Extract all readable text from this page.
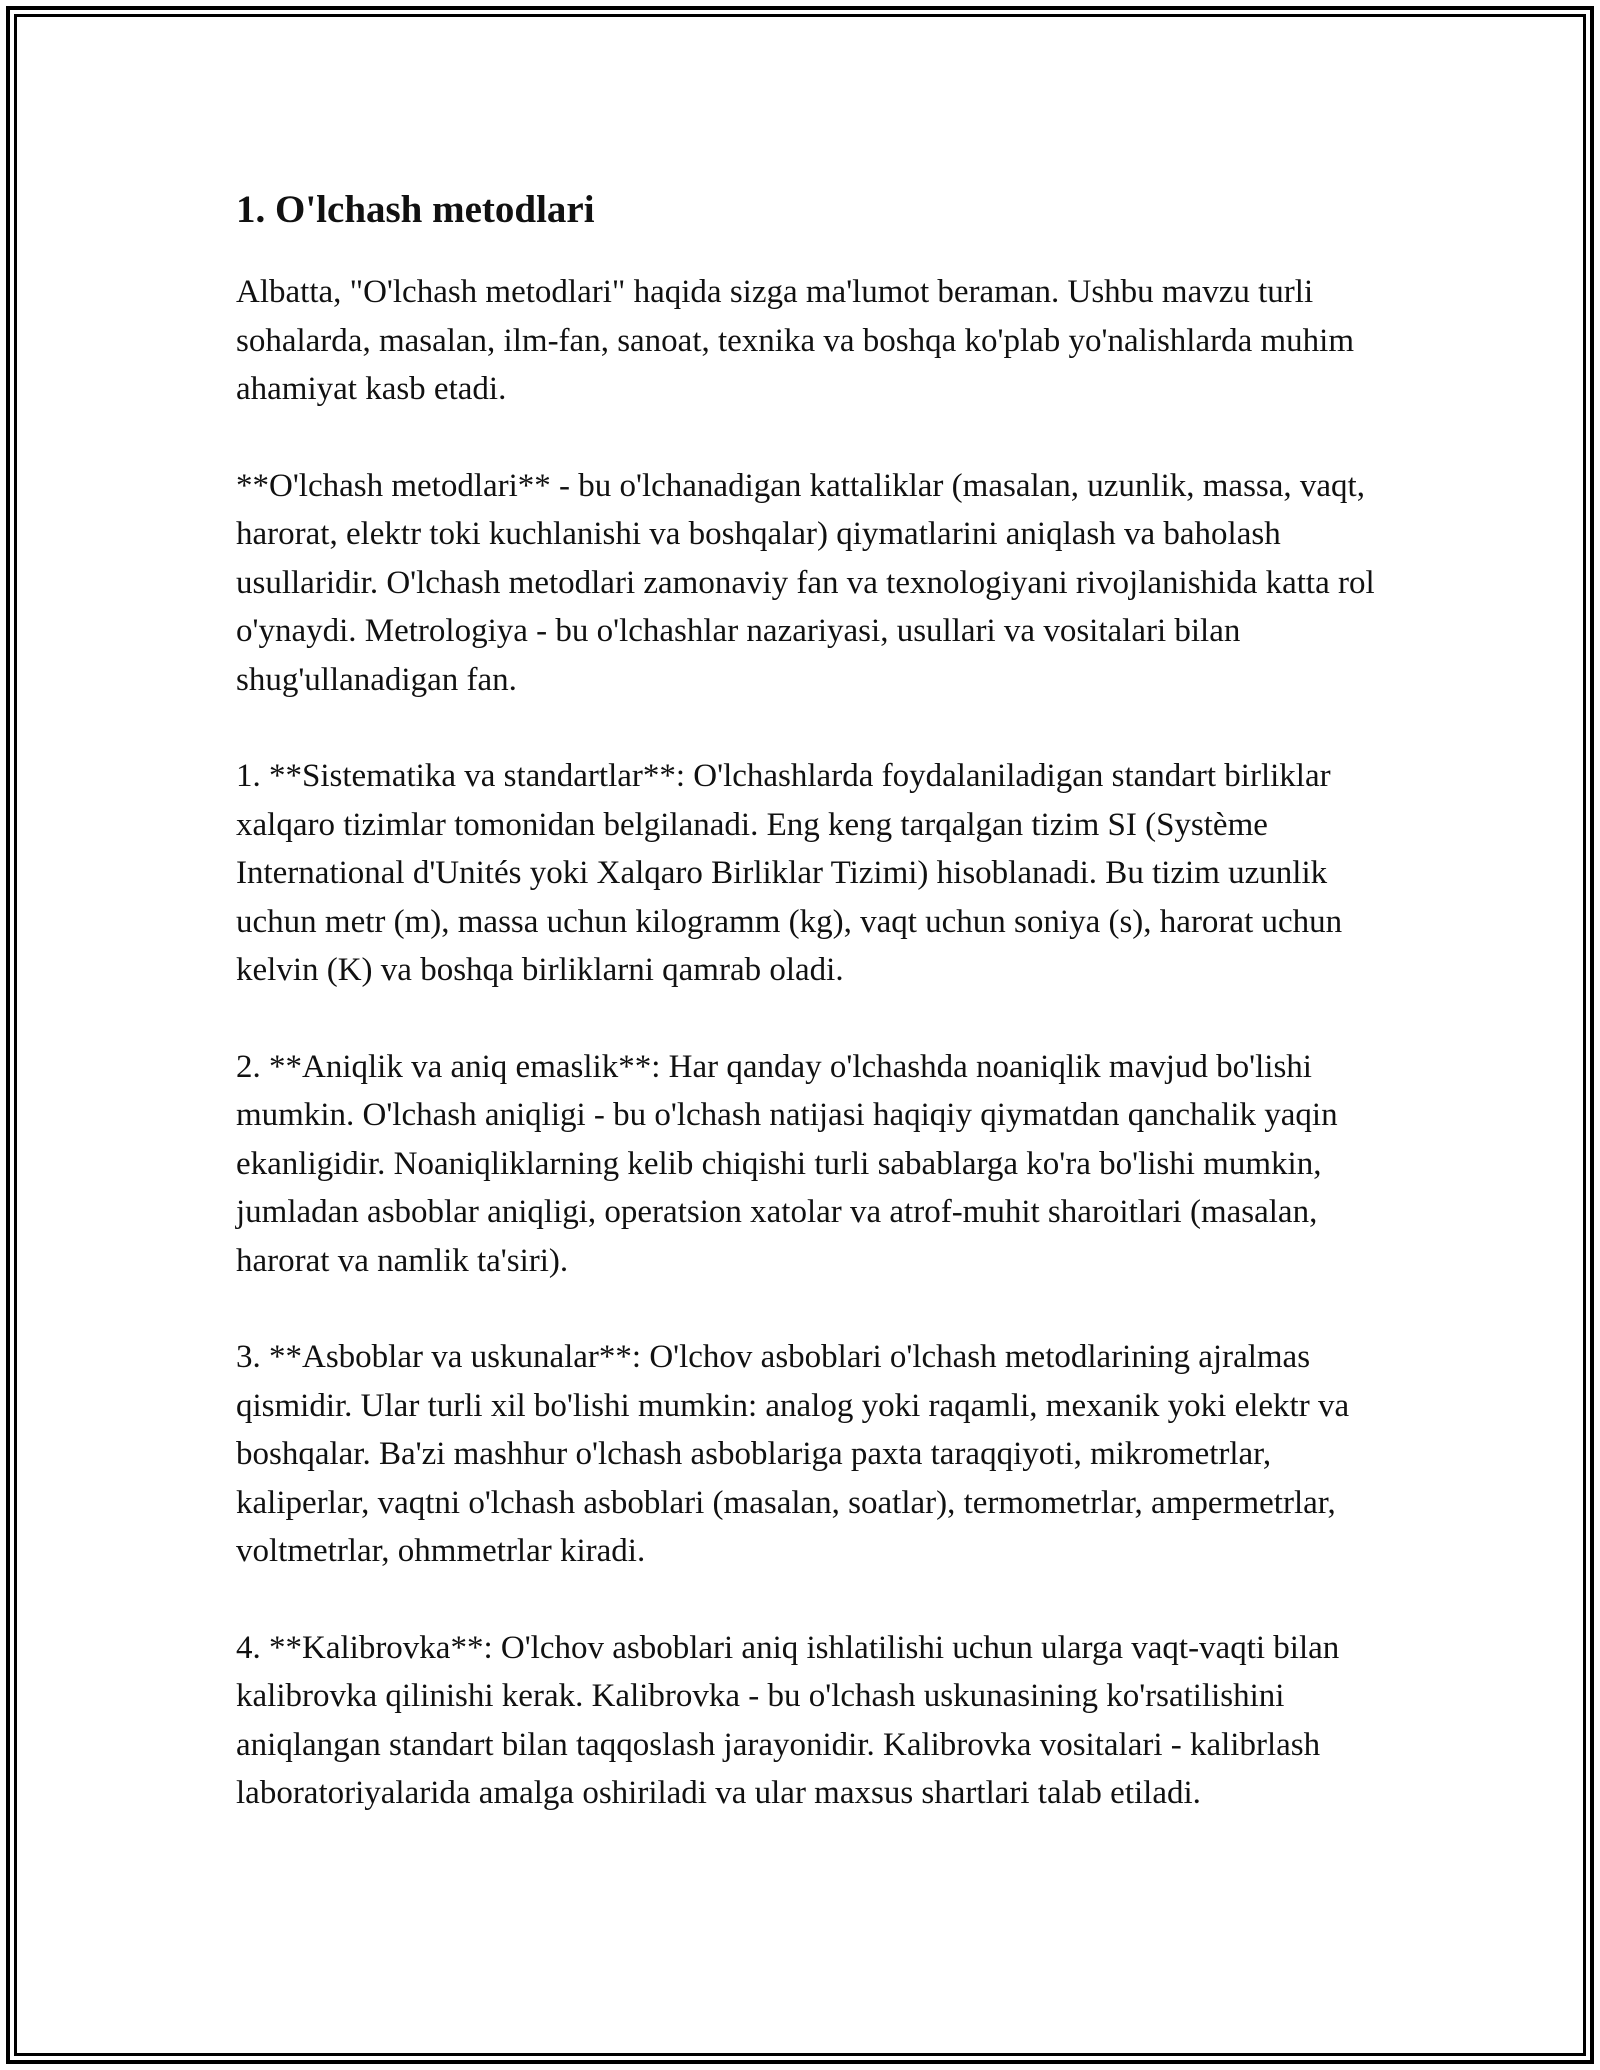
1. O'lchash metodlari

Albatta, "O'lchash metodlari" haqida sizga ma'lumot beraman. Ushbu mavzu turli sohalarda, masalan, ilm-fan, sanoat, texnika va boshqa ko'plab yo'nalishlarda muhim ahamiyat kasb etadi.

**O'lchash metodlari** - bu o'lchanadigan kattaliklar (masalan, uzunlik, massa, vaqt, harorat, elektr toki kuchlanishi va boshqalar) qiymatlarini aniqlash va baholash usullaridir. O'lchash metodlari zamonaviy fan va texnologiyani rivojlanishida katta rol o'ynaydi. Metrologiya - bu o'lchashlar nazariyasi, usullari va vositalari bilan shug'ullanadigan fan.

1. **Sistematika va standartlar**: O'lchashlarda foydalaniladigan standart birliklar xalqaro tizimlar tomonidan belgilanadi. Eng keng tarqalgan tizim SI (Système International d'Unités yoki Xalqaro Birliklar Tizimi) hisoblanadi. Bu tizim uzunlik uchun metr (m), massa uchun kilogramm (kg), vaqt uchun soniya (s), harorat uchun kelvin (K) va boshqa birliklarni qamrab oladi.

2. **Aniqlik va aniq emaslik**: Har qanday o'lchashda noaniqlik mavjud bo'lishi mumkin. O'lchash aniqligi - bu o'lchash natijasi haqiqiy qiymatdan qanchalik yaqin ekanligidir. Noaniqliklarning kelib chiqishi turli sabablarga ko'ra bo'lishi mumkin, jumladan asboblar aniqligi, operatsion xatolar va atrof-muhit sharoitlari (masalan, harorat va namlik ta'siri).

3. **Asboblar va uskunalar**: O'lchov asboblari o'lchash metodlarining ajralmas qismidir. Ular turli xil bo'lishi mumkin: analog yoki raqamli, mexanik yoki elektr va boshqalar. Ba'zi mashhur o'lchash asboblariga paxta taraqqiyoti, mikrometrlar, kaliperlar, vaqtni o'lchash asboblari (masalan, soatlar), termometrlar, ampermetrlar, voltmetrlar, ohmmetrlar kiradi.

4. **Kalibrovka**: O'lchov asboblari aniq ishlatilishi uchun ularga vaqt-vaqti bilan kalibrovka qilinishi kerak. Kalibrovka - bu o'lchash uskunasining ko'rsatilishini aniqlangan standart bilan taqqoslash jarayonidir. Kalibrovka vositalari - kalibrlash laboratoriyalarida amalga oshiriladi va ular maxsus shartlari talab etiladi.
